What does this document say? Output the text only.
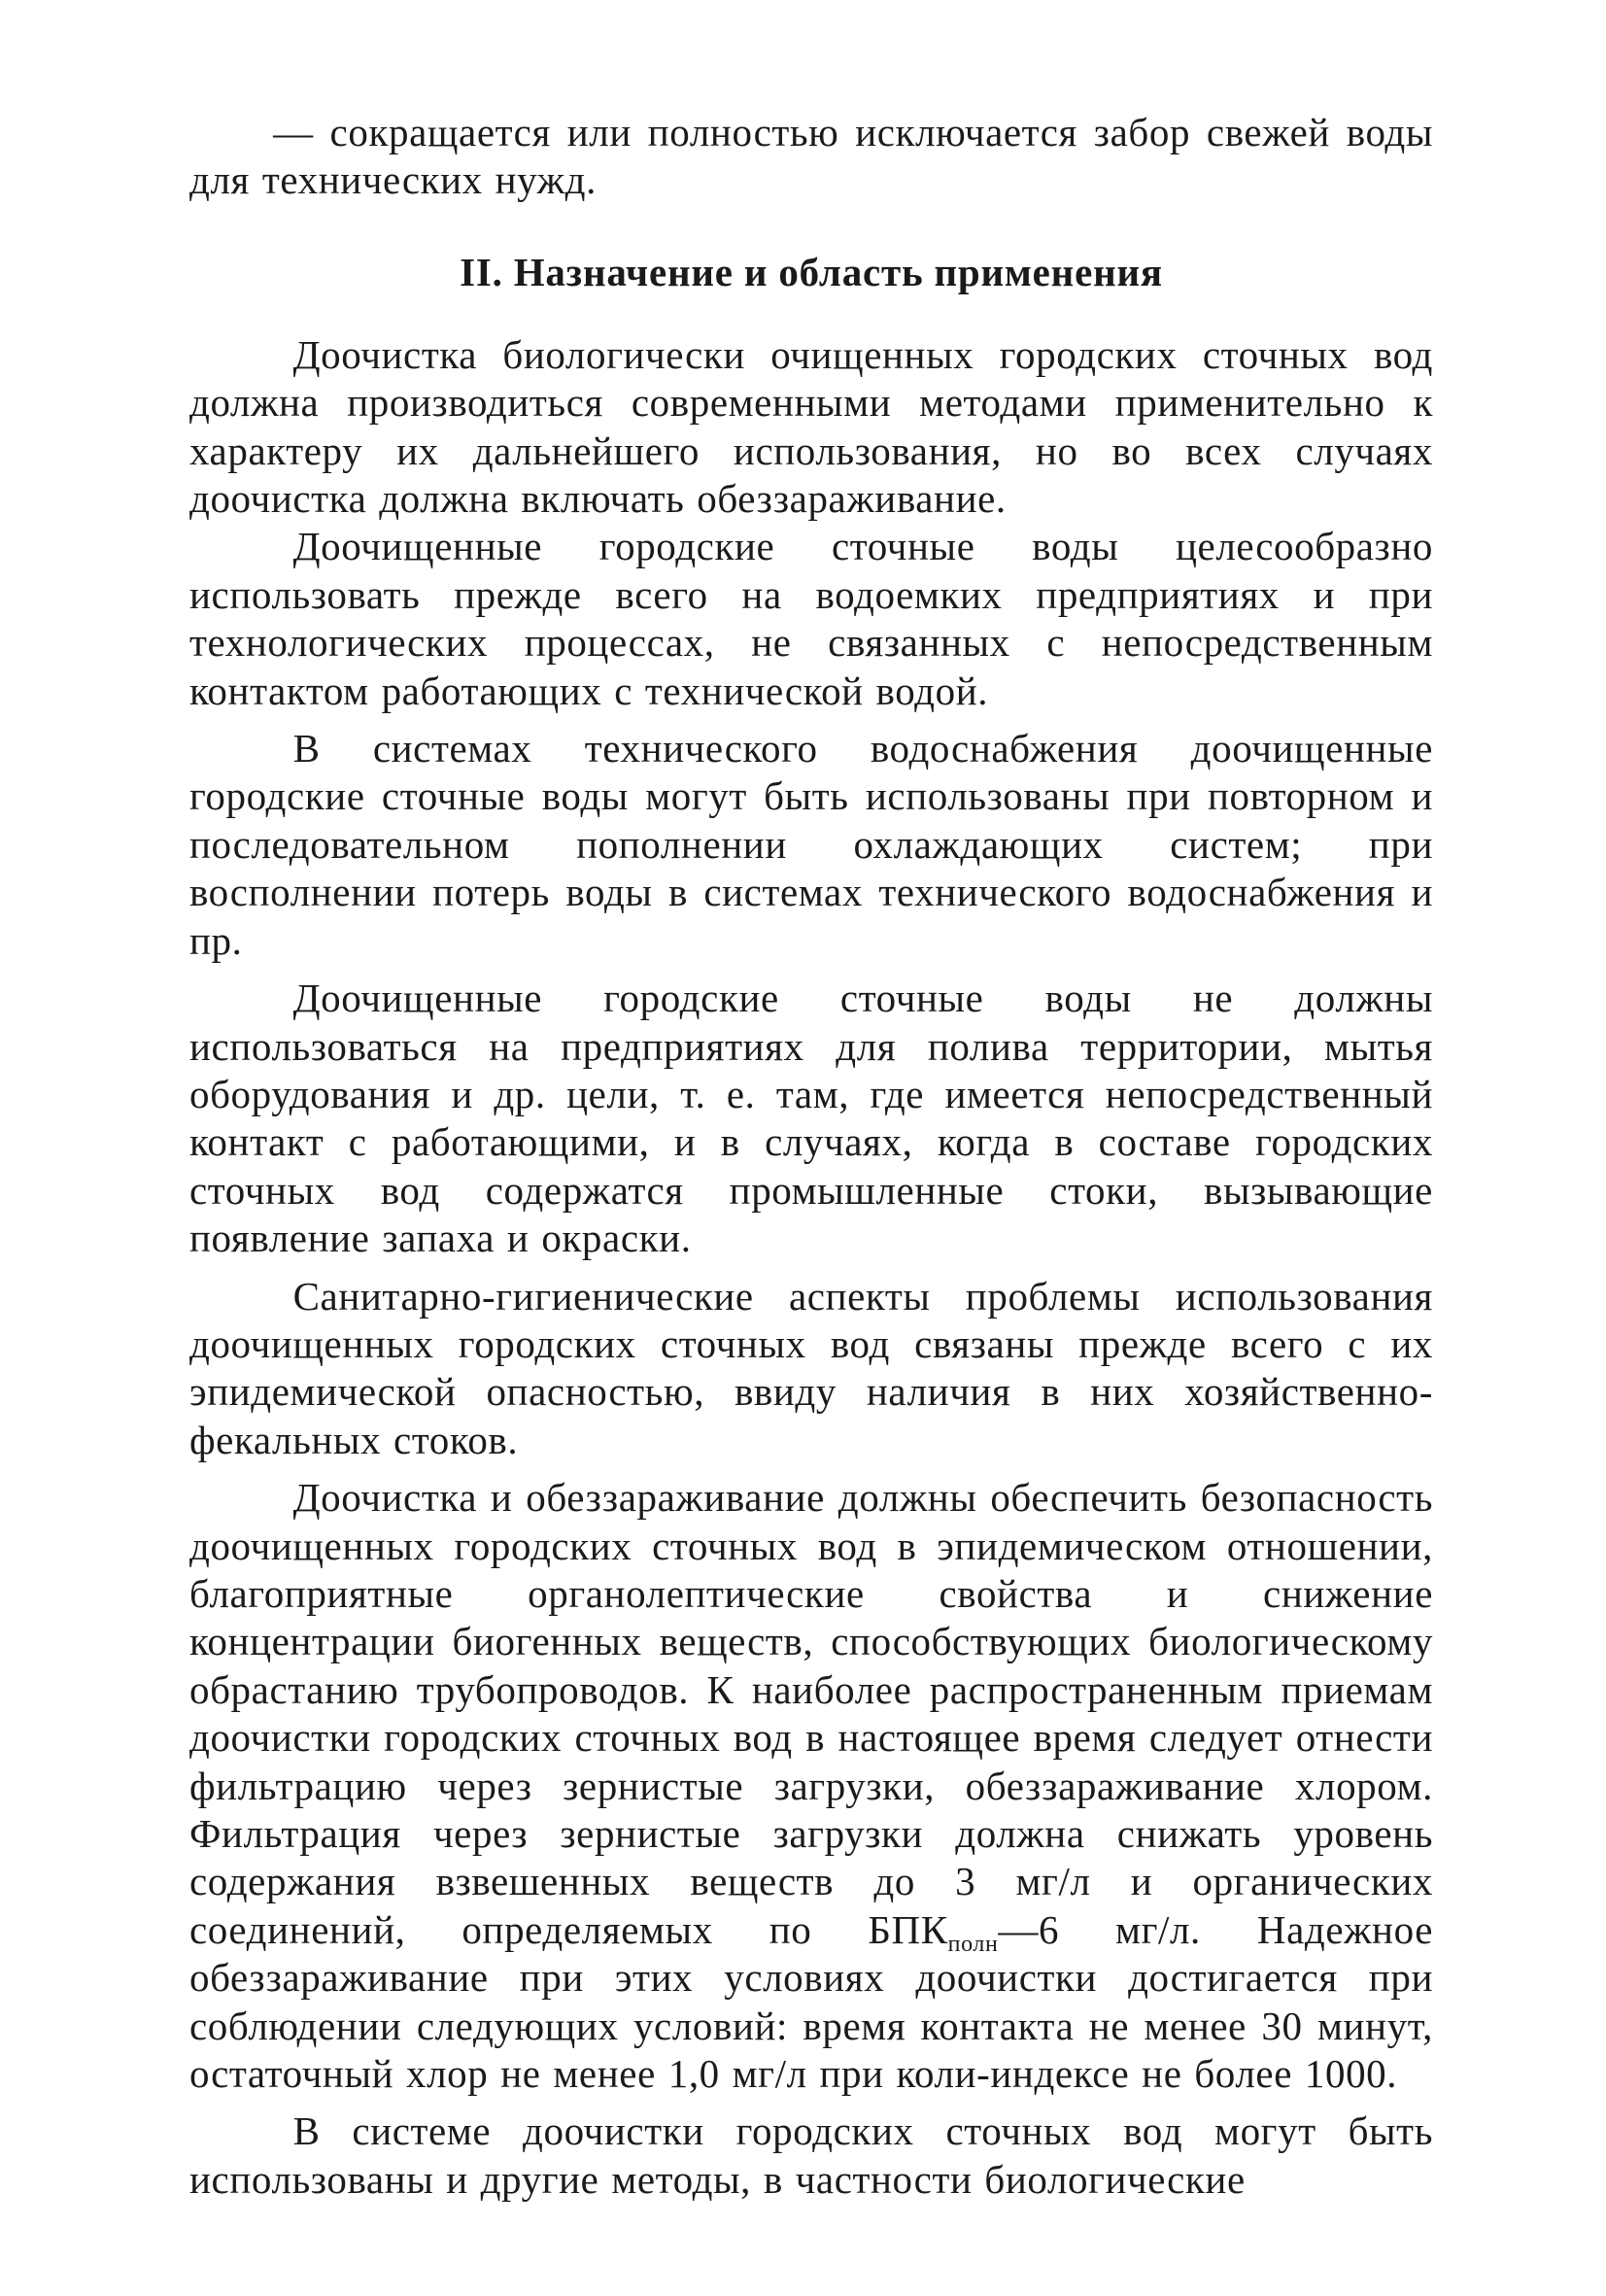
— сокращается или полностью исключается забор свежей воды для технических нужд.

II. Назначение и область применения

Доочистка биологически очищенных городских сточных вод должна производиться современными методами применительно к характеру их дальнейшего использования, но во всех случаях доочистка должна включать обеззараживание.

Доочищенные городские сточные воды целесообразно использовать прежде всего на водоемких предприятиях и при технологических процессах, не связанных с непосредственным контактом работающих с технической водой.

В системах технического водоснабжения доочищенные городские сточные воды могут быть использованы при повторном и последовательном пополнении охлаждающих систем; при восполнении потерь воды в системах технического водоснабжения и пр.

Доочищенные городские сточные воды не должны использоваться на предприятиях для полива территории, мытья оборудования и др. цели, т. е. там, где имеется непосредственный контакт с работающими, и в случаях, когда в составе городских сточных вод содержатся промышленные стоки, вызывающие появление запаха и окраски.

Санитарно-гигиенические аспекты проблемы использования доочищенных городских сточных вод связаны прежде всего с их эпидемической опасностью, ввиду наличия в них хозяйственно-фекальных стоков.

Доочистка и обеззараживание должны обеспечить безопасность доочищенных городских сточных вод в эпидемическом отношении, благоприятные органолептические свойства и снижение концентрации биогенных веществ, способствующих биологическому обрастанию трубопроводов. К наиболее распространенным приемам доочистки городских сточных вод в настоящее время следует отнести фильтрацию через зернистые загрузки, обеззараживание хлором. Фильтрация через зернистые загрузки должна снижать уровень содержания взвешенных веществ до 3 мг/л и органических соединений, определяемых по $БПК_{полн}—6$ мг/л. Надежное обеззараживание при этих условиях доочистки достигается при соблюдении следующих условий: время контакта не менее 30 минут, остаточный хлор не менее 1,0 мг/л при коли-индексе не более 1000.

В системе доочистки городских сточных вод могут быть использованы и другие методы, в частности биологические
